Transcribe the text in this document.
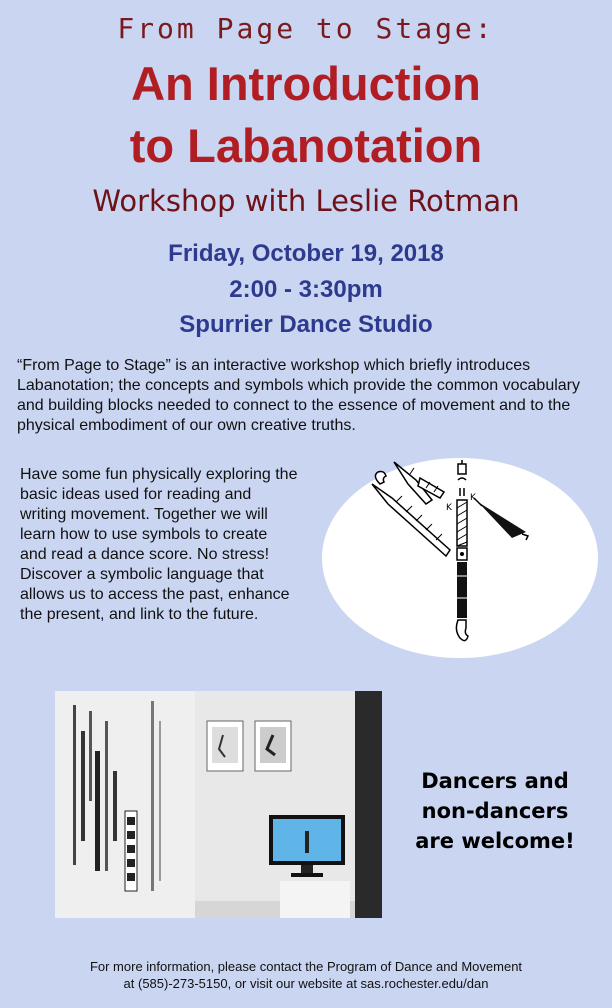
From Page to Stage:
An Introduction
to Labanotation
Workshop with Leslie Rotman
Friday, October 19, 2018
2:00 - 3:30pm
Spurrier Dance Studio
“From Page to Stage” is an interactive workshop which briefly introduces Labanotation; the concepts and symbols which provide the common vocabulary and building blocks needed to connect to the essence of movement and to the physical embodiment of our own creative truths.
Have some fun physically exploring the basic ideas used for reading and writing movement. Together we will learn how to use symbols to create and read a dance score. No stress! Discover a symbolic language that allows us to access the past, enhance the present, and link to the future.
K
K
Dancers and
non-dancers
are welcome!
For more information, please contact the Program of Dance and Movement
at (585)-273-5150, or visit our website at sas.rochester.edu/dan
